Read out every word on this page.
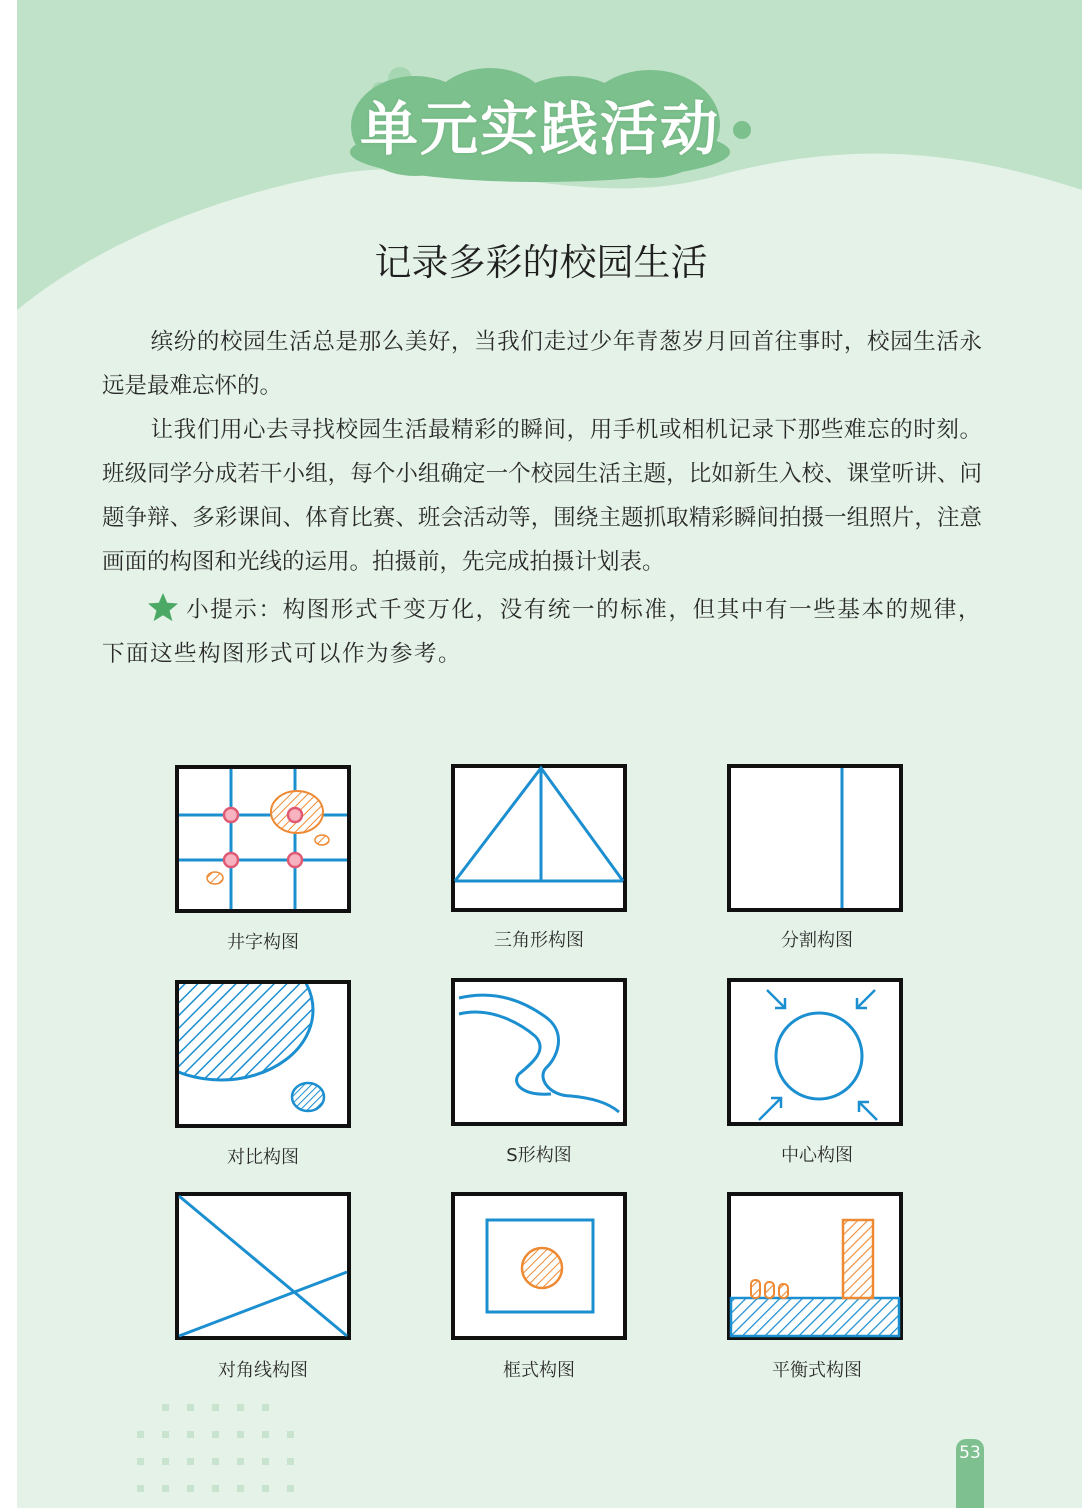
单元实践活动
记录多彩的校园生活
缤纷的校园生活总是那么美好，当我们走过少年青葱岁月回首往事时，校园生活永远是最难忘怀的。
让我们用心去寻找校园生活最精彩的瞬间，用手机或相机记录下那些难忘的时刻。班级同学分成若干小组，每个小组确定一个校园生活主题，比如新生入校、课堂听讲、问题争辩、多彩课间、体育比赛、班会活动等，围绕主题抓取精彩瞬间拍摄一组照片，注意画面的构图和光线的运用。拍摄前，先完成拍摄计划表。
小提示：构图形式千变万化，没有统一的标准，但其中有一些基本的规律，下面这些构图形式可以作为参考。
井字构图	三角形构图	分割构图
对比构图	S形构图	中心构图
对角线构图	框式构图	平衡式构图
53
